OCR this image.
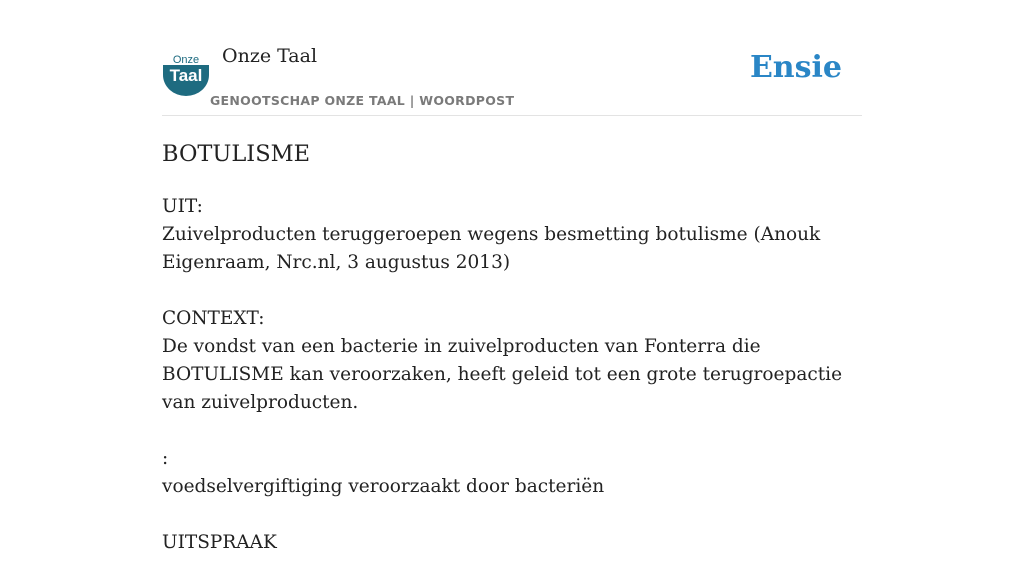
Onze
Taal
Onze Taal
GENOOTSCHAP ONZE TAAL | WOORDPOST
Ensie
BOTULISME
UIT:
Zuivelproducten teruggeroepen wegens besmetting botulisme (Anouk Eigenraam, Nrc.nl, 3 augustus 2013)
CONTEXT:
De vondst van een bacterie in zuivelproducten van Fonterra die BOTULISME kan veroorzaken, heeft geleid tot een grote terugroepactie van zuivelproducten.
:
voedselvergiftiging veroorzaakt door bacteriën
UITSPRAAK
